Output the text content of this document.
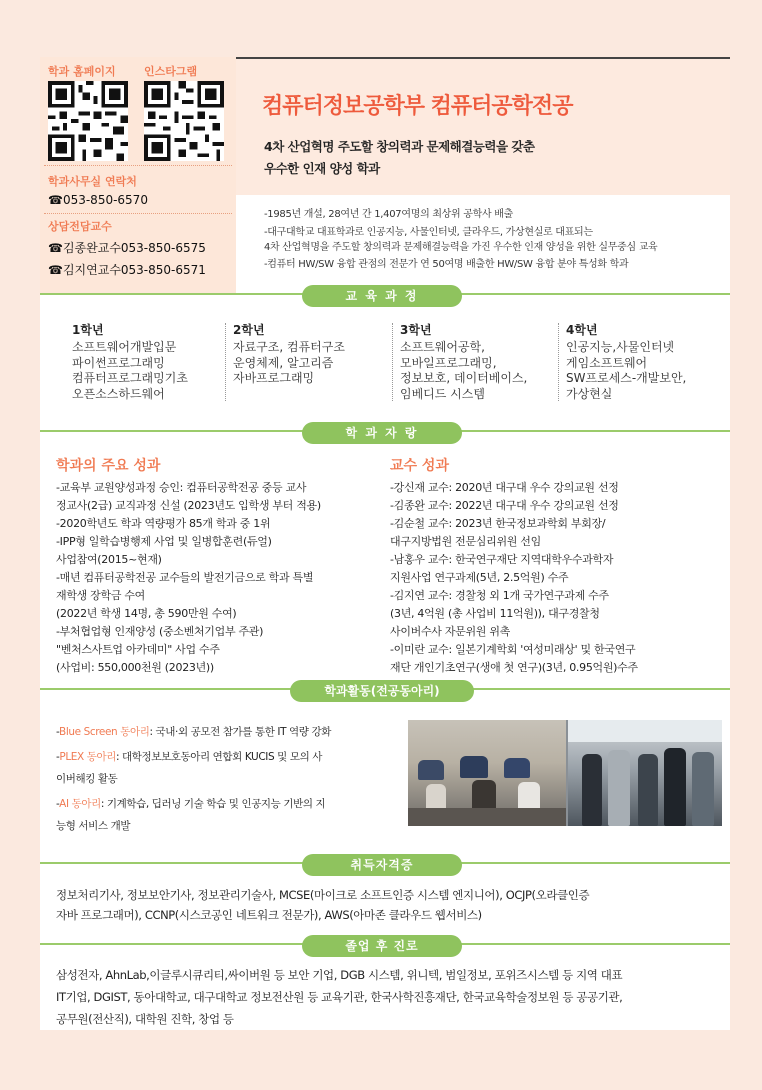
학과 홈페이지	인스타그램
학과사무실 연락처
☎053-850-6570
상담전담교수
☎김종완교수053-850-6575
☎김지연교수053-850-6571
컴퓨터정보공학부 컴퓨터공학전공
4차 산업혁명 주도할 창의력과 문제해결능력을 갖춘
우수한 인재 양성 학과
-1985년 개설, 28여년 간 1,407여명의 최상위 공학사 배출
-대구대학교 대표학과로 인공지능, 사물인터넷, 클라우드, 가상현실로 대표되는
4차 산업혁명을 주도할 창의력과 문제해결능력을 가진 우수한 인재 양성을 위한 실무중심 교육
-컴퓨터 HW/SW 융합 관점의 전문가 연 50여명 배출한 HW/SW 융합 분야 특성화 학과
교 육 과 정
1학년
소프트웨어개발입문
파이썬프로그래밍
컴퓨터프로그래밍기초
오픈소스하드웨어
2학년
자료구조, 컴퓨터구조
운영체제, 알고리즘
자바프로그래밍
3학년
소프트웨어공학,
모바일프로그래밍,
정보보호, 데이터베이스,
임베디드 시스템
4학년
인공지능,사물인터넷
게임소프트웨어
SW프로세스-개발보안,
가상현실
학 과 자 랑
학과의 주요 성과
-교육부 교원양성과정 승인: 컴퓨터공학전공 중등 교사
정교사(2급) 교직과정 신설 (2023년도 입학생 부터 적용)
-2020학년도 학과 역량평가 85개 학과 중 1위
-IPP형 일학습병행제 사업 및 일병합훈련(듀얼)
사업참여(2015~현재)
-매년 컴퓨터공학전공 교수들의 발전기금으로 학과 특별
재학생 장학금 수여
(2022년 학생 14명, 총 590만원 수여)
-부처협업형 인재양성 (중소벤처기업부 주관)
"벤처스사트업 아카데미" 사업 수주
(사업비: 550,000천원 (2023년))
교수 성과
-강신재 교수: 2020년 대구대 우수 강의교원 선정
-김종완 교수: 2022년 대구대 우수 강의교원 선정
-김순철 교수: 2023년 한국정보과학회 부회장/
대구지방법원 전문심리위원 선임
-남홍우 교수: 한국연구재단 지역대학우수과학자
지원사업 연구과제(5년, 2.5억원) 수주
-김지연 교수: 경찰청 외 1개 국가연구과제 수주
(3년, 4억원 (총 사업비 11억원)), 대구경찰청
사이버수사 자문위원 위촉
-이미란 교수: 일본기계학회 '여성미래상' 및 한국연구
재단 개인기초연구(생애 첫 연구)(3년, 0.95억원)수주
학과활동(전공동아리)
-Blue Screen 동아리: 국내·외 공모전 참가를 통한 IT 역량 강화
-PLEX 동아리: 대학정보보호동아리 연합회 KUCIS 및 모의 사
이버해킹 활동
-AI 동아리: 기계학습, 딥러닝 기술 학습 및 인공지능 기반의 지
능형 서비스 개발
취득자격증
정보처리기사, 정보보안기사, 정보관리기술사, MCSE(마이크로 소프트인증 시스템 엔지니어), OCJP(오라클인증
자바 프로그래머), CCNP(시스코공인 네트워크 전문가), AWS(아마존 클라우드 웹서비스)
졸업 후 진로
삼성전자, AhnLab,이글루시큐리티,싸이버원 등 보안 기업, DGB 시스템, 위니텍, 범일정보, 포위즈시스템 등 지역 대표
IT기업, DGIST, 동아대학교, 대구대학교 정보전산원 등 교육기관, 한국사학진흥재단, 한국교육학술정보원 등 공공기관,
공무원(전산직), 대학원 진학, 창업 등
